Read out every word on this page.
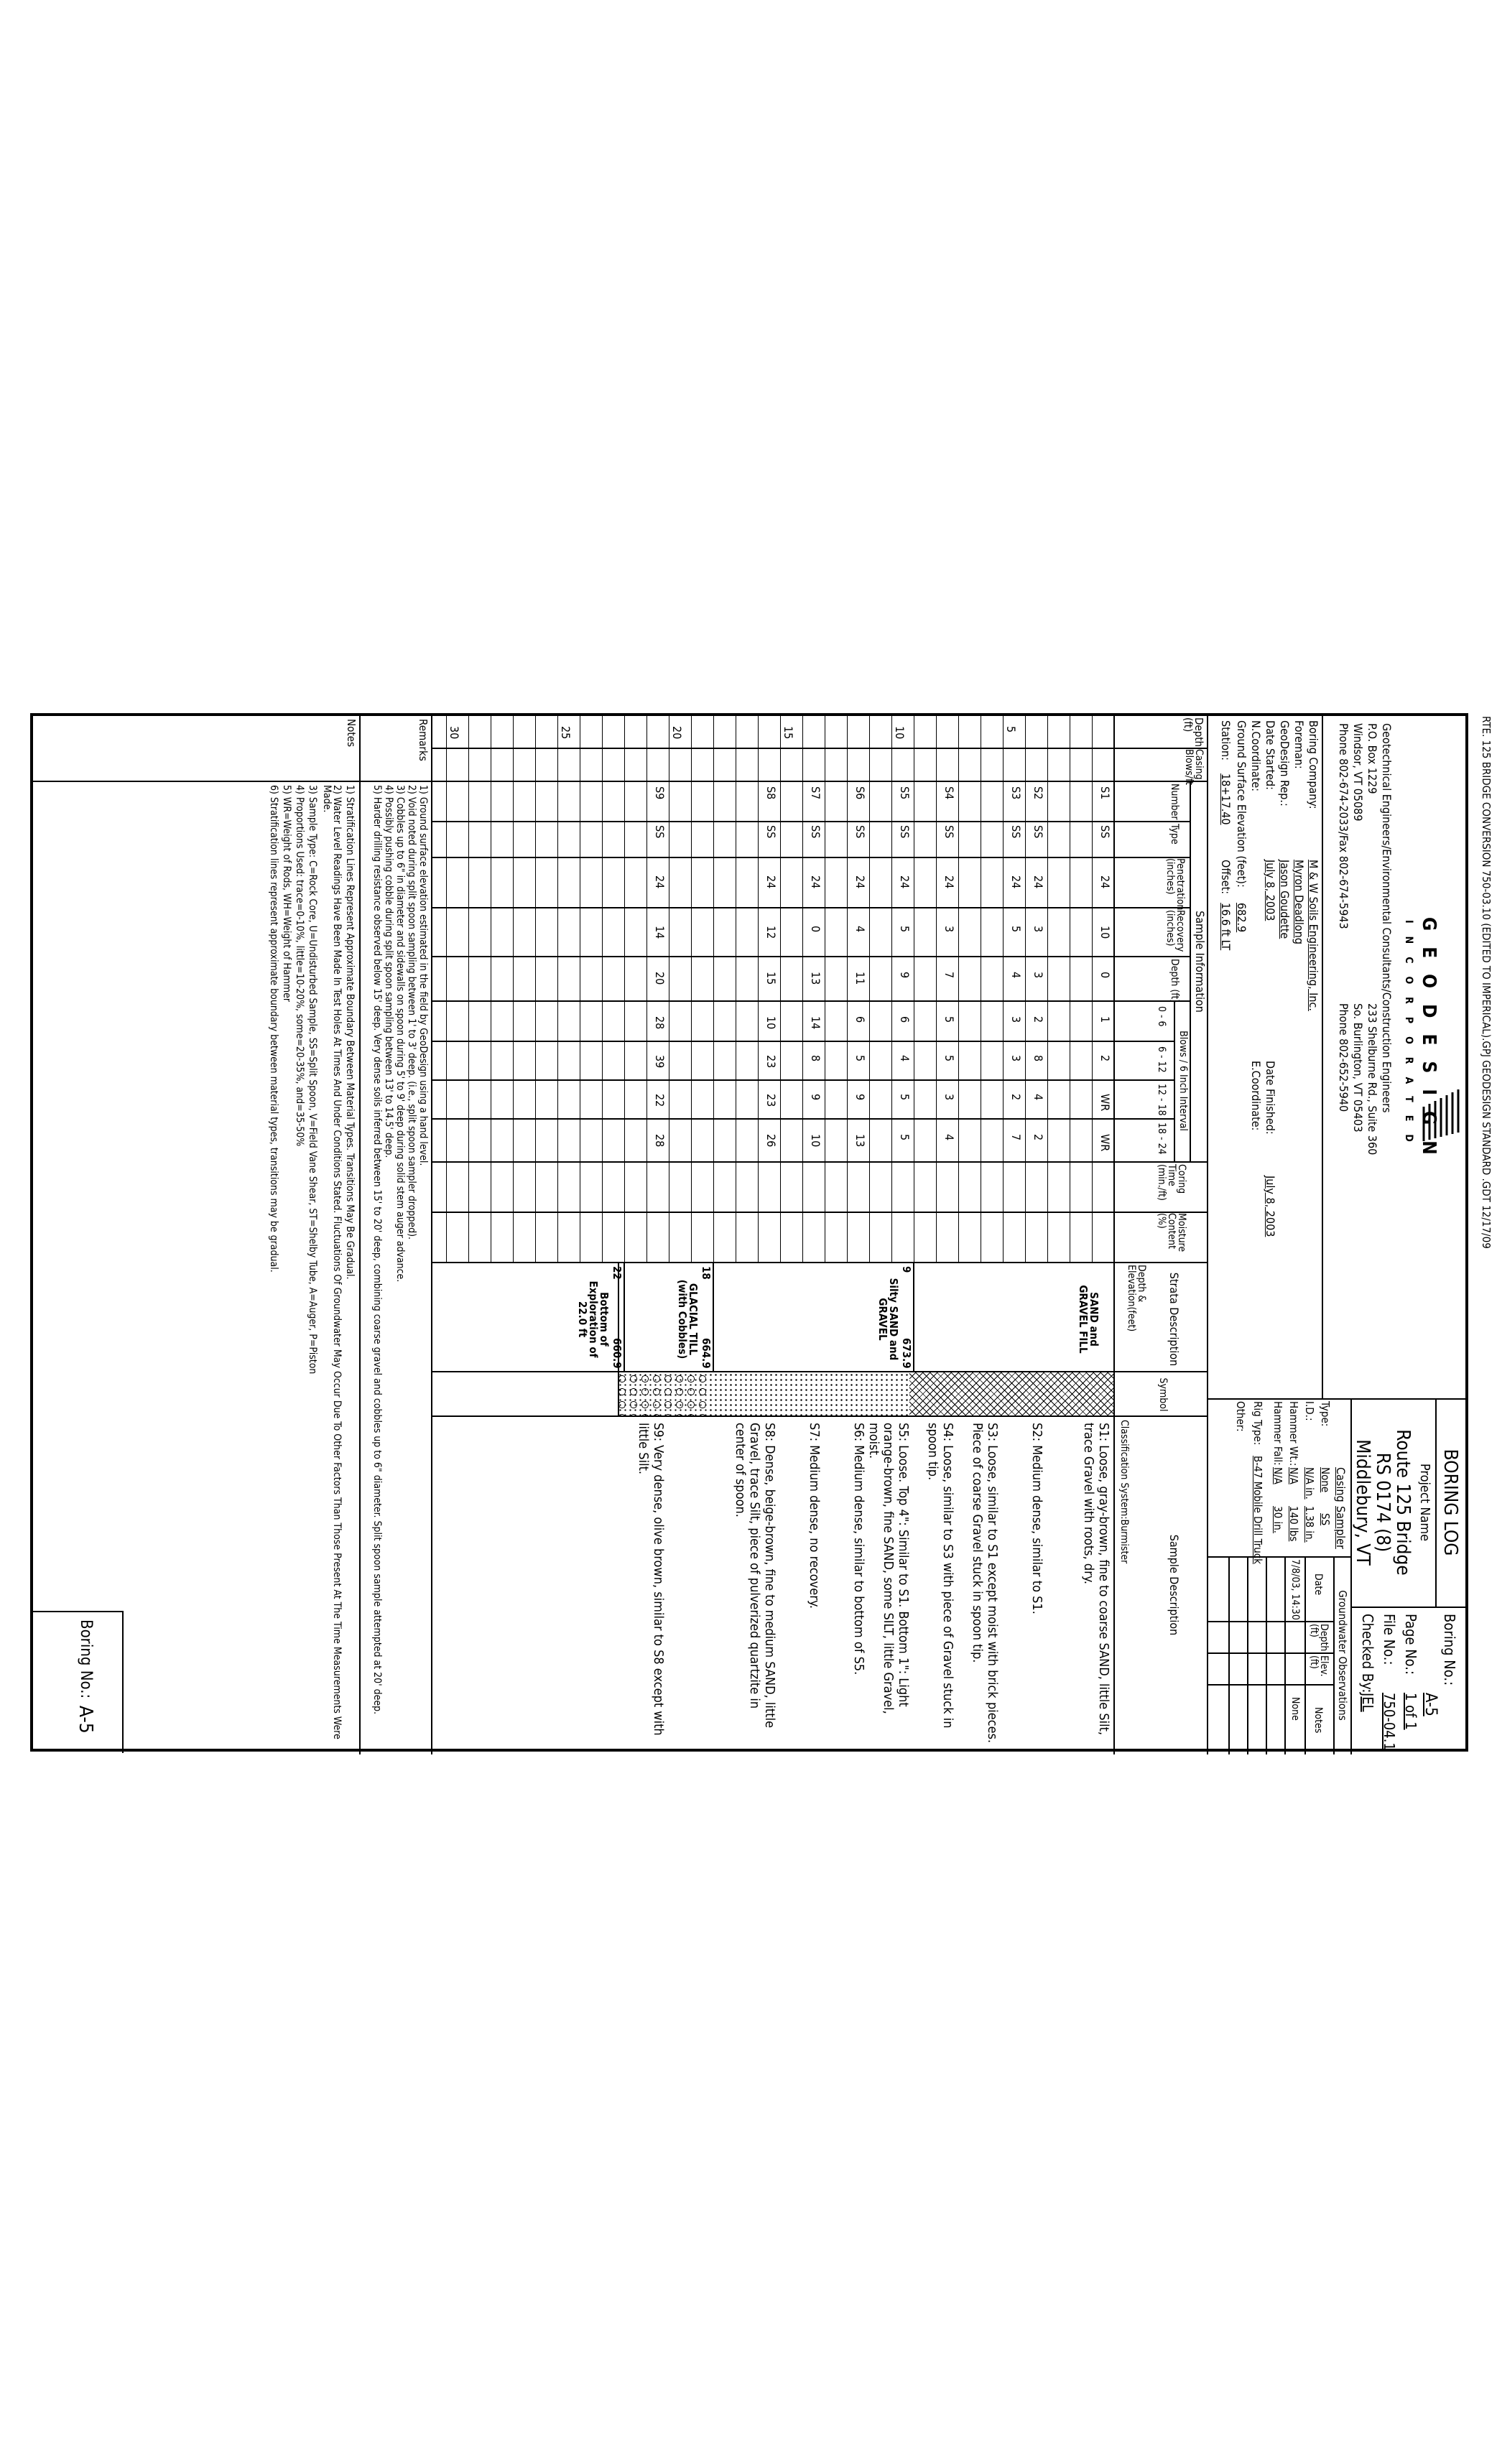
RTE. 125 BRIDGE CONVERSION 750-03.10 (EDITED TO IMPERICAL).GPJ GEODESIGN STANDARD .GDT 12/17/09
GEODESIGN
INCORPORATED
Geotechnical Engineers/Environmental Consultants/Construction Engineers
P.O. Box 1229
Windsor, VT 05089
Phone 802-674-2033/Fax 802-674-5943
233 Shelburne Rd., Suite 360
So. Burlington, VT 05403
Phone 802-652-5940
BORING LOG
Project Name
Route 125 Bridge
RS 0174 (8)
Middlebury, VT
Boring No.:
A-5
Page No.:
1 of 1
File No.:
750-04.1
Checked By:
JEL
Boring Company:
M & W Soils Engineering, Inc.
Foreman:
Myron Deadlong
GeoDesign Rep.:
Jason Goudette
Date Started:
July 8, 2003
Date Finished:
July 8, 2003
N.Coordinate:
E.Coordinate:
Ground Surface Elevation (feet):
682.9
Station:
18+17.40
Offset:
16.6 ft LT
Casing
Sampler
Type:
None
SS
I.D.:
N/A in.
1.38 in.
Hammer Wt.:
N/A
140 lbs
Hammer Fall:
N/A
30 in.
Rig Type:
B-47 Mobile Drill Truck
Other:
Groundwater Observations
Date
Depth (ft)
Elev. (ft)
Notes
7/8/03, 14:30
None
Depth (ft)
Casing Blows/ft
Sample Information
Number
Type
Penetration (inches)
Recovery (inches)
Depth (ft)
Blows / 6 Inch Interval
0 - 6
6 - 12
12 - 18
18 - 24
Coring Time (min./ft)
Moisture Content (%)
Strata Description
Depth & Elevation(feet)
Symbol
Sample Description
Classification System:Burmister
5
10
15
20
25
30
S1
SS
24
10
0
1
2
WR
WR
S2
SS
24
3
3
2
8
4
2
S3
SS
24
5
4
3
3
2
7
S4
SS
24
3
7
5
5
3
4
S5
SS
24
5
9
6
4
5
5
S6
SS
24
4
11
6
5
9
13
S7
SS
24
0
13
14
8
9
10
S8
SS
24
12
15
10
23
23
26
S9
SS
24
14
20
28
39
22
28
SAND and GRAVEL FILL
9
673.9
Silty SAND and GRAVEL
18
664.9
GLACIAL TILL (with Cobbles)
22
660.9
Bottom of Exploration of 22.0 ft
S1: Loose, gray-brown, fine to coarse SAND, little Silt, trace Gravel with roots, dry.
S2: Medium dense, similar to S1.
S3: Loose, similar to S1 except moist with brick pieces. Piece of coarse Gravel stuck in spoon tip.
S4: Loose, similar to S3 with piece of Gravel stuck in spoon tip.
S5: Loose. Top 4": Similar to S1. Bottom 1": Light orange-brown, fine SAND, some SILT, little Gravel, moist.
S6: Medium dense, similar to bottom of S5.
S7: Medium dense, no recovery.
S8: Dense, beige-brown, fine to medium SAND, little Gravel, trace Silt, piece of pulverized quartzite in center of spoon.
S9: Very dense, olive brown, similar to S8 except with little Silt.
Remarks
1) Ground surface elevation estimated in the field by GeoDesign using a hand level.
2) Void noted during split spoon sampling between 1' to 3' deep. (i.e., split spoon sampler dropped).
3) Cobbles up to 6" in diameter and sidewalls on spoon during 5' to 9' deep during solid stem auger advance.
4) Possibly pushing cobble during split spoon sampling between 13' to 14.5' deep.
5) Harder drilling resistance observed below 15' deep. Very dense soils inferred between 15' to 20' deep, combining coarse gravel and cobbles up to 6" diameter. Split spoon sample attempted at 20' deep.
Notes
1) Stratification Lines Represent Approximate Boundary Between Material Types. Transitions May Be Gradual.
2) Water Level Readings Have Been Made In Test Holes At Times And Under Conditions Stated. Fluctuations Of Groundwater May Occur Due To Other Factors Than Those Present At The Time Measurements Were Made.
3) Sample Type: C=Rock Core, U=Undisturbed Sample, SS=Split Spoon, V=Field Vane Shear, ST=Shelby Tube, A=Auger, P=Piston
4) Proportions Used: trace=0-10%, little=10-20%, some=20-35%, and=35-50%
5) WR=Weight of Rods, WH=Weight of Hammer
6) Stratification lines represent approximate boundary between material types, transitions may be gradual.
Boring No.:
A-5
